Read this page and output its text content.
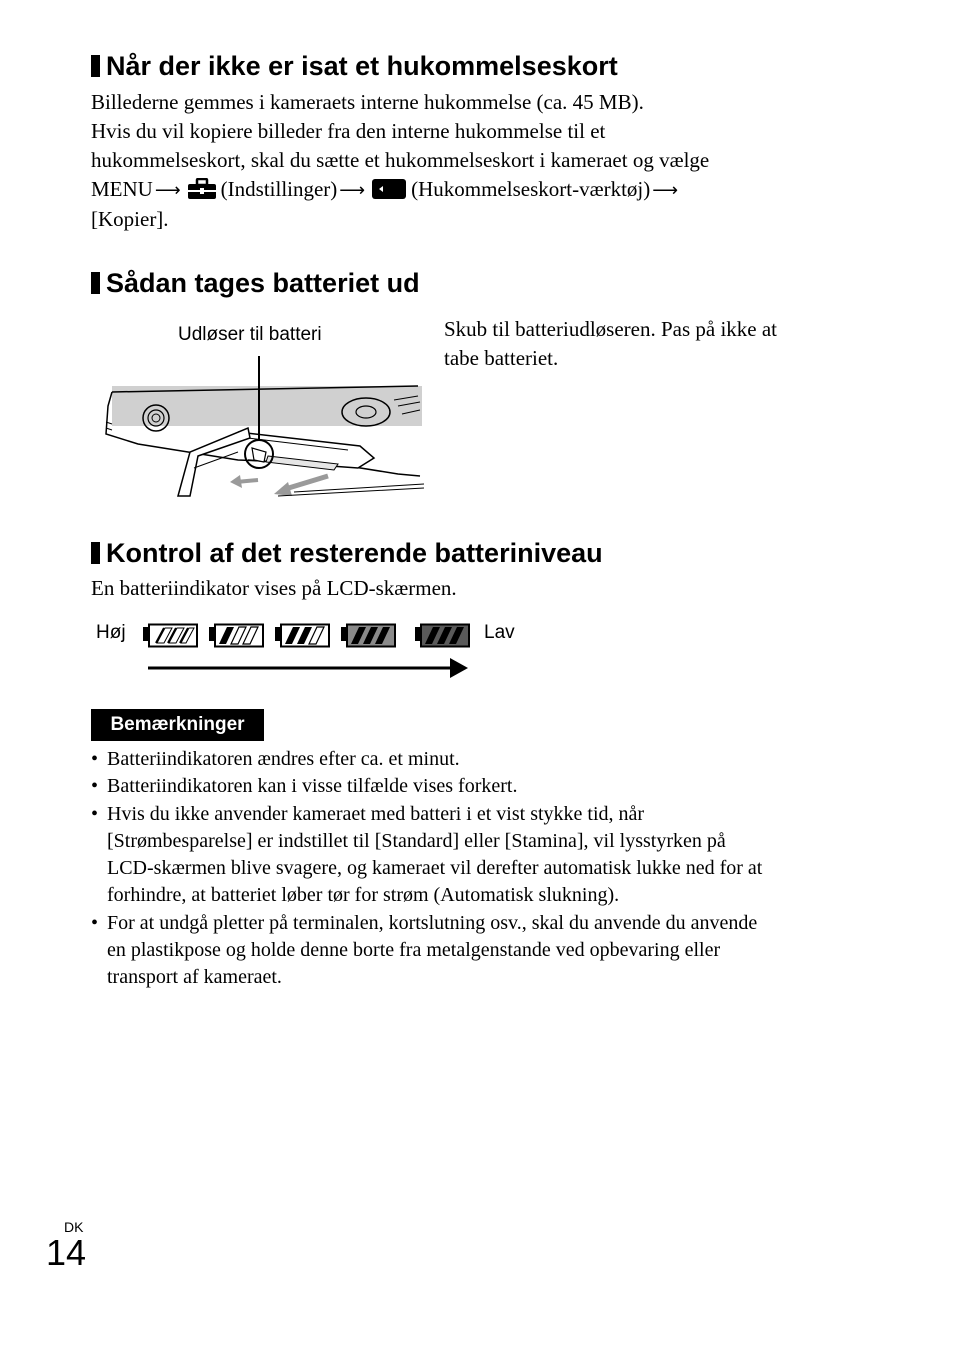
Når der ikke er isat et hukommelseskort
Billederne gemmes i kameraets interne hukommelse (ca. 45 MB).
Hvis du vil kopiere billeder fra den interne hukommelse til et
hukommelseskort, skal du sætte et hukommelseskort i kameraet og vælge
MENU ⟶ (Indstillinger) ⟶ (Hukommelseskort-værktøj) ⟶
[Kopier].
Sådan tages batteriet ud
Udløser til batteri	Skub til batteriudløseren. Pas på ikke at
tabe batteriet.
Kontrol af det resterende batteriniveau
En batteriindikator vises på LCD-skærmen.
Høj	Lav
Bemærkninger
• Batteriindikatoren ændres efter ca. et minut.
• Batteriindikatoren kan i visse tilfælde vises forkert.
• Hvis du ikke anvender kameraet med batteri i et vist stykke tid, når
[Strømbesparelse] er indstillet til [Standard] eller [Stamina], vil lysstyrken på
LCD-skærmen blive svagere, og kameraet vil derefter automatisk lukke ned for at
forhindre, at batteriet løber tør for strøm (Automatisk slukning).
• For at undgå pletter på terminalen, kortslutning osv., skal du anvende du anvende
en plastikpose og holde denne borte fra metalgenstande ved opbevaring eller
transport af kameraet.
DK
14
